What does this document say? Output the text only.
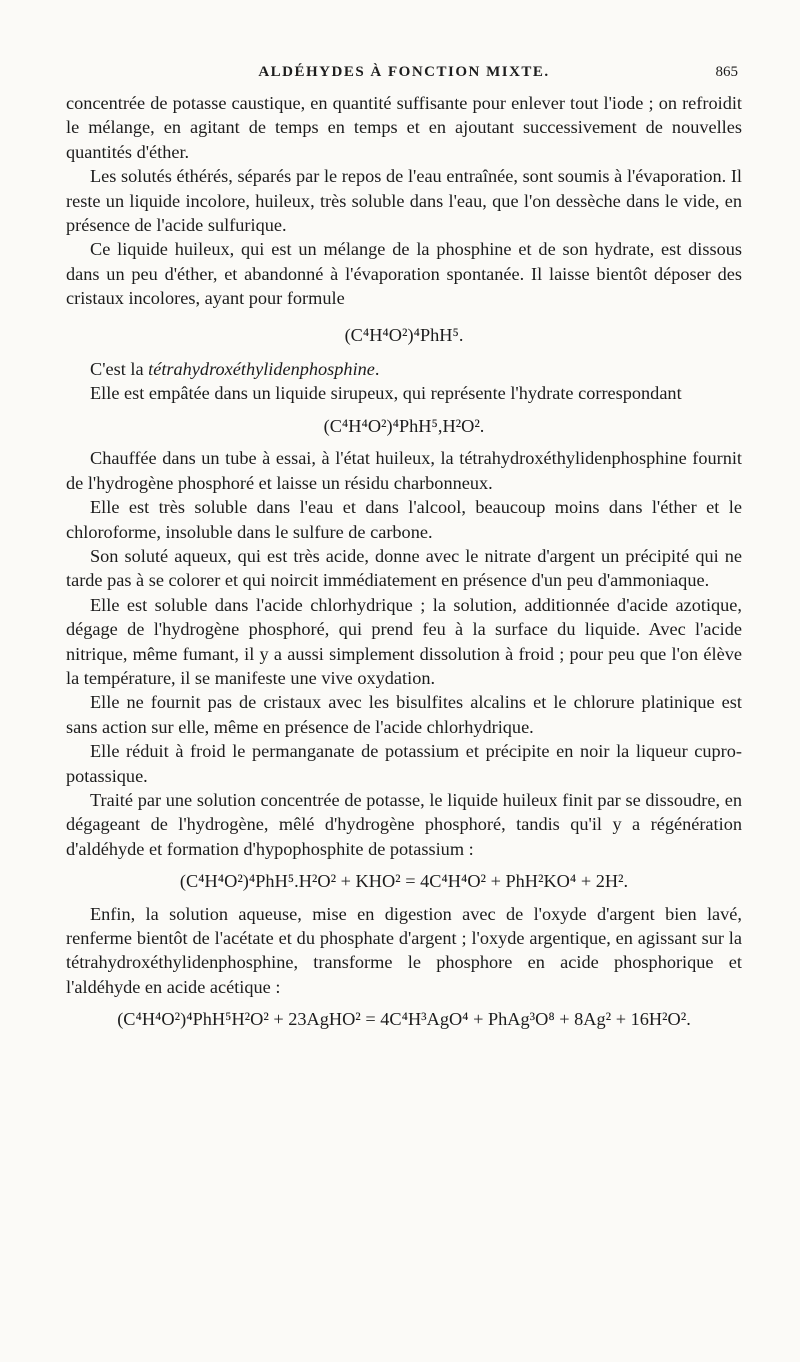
ALDÉHYDES À FONCTION MIXTE.	865

concentrée de potasse caustique, en quantité suffisante pour enlever tout l'iode ; on refroidit le mélange, en agitant de temps en temps et en ajoutant successivement de nouvelles quantités d'éther.

Les solutés éthérés, séparés par le repos de l'eau entraînée, sont soumis à l'évaporation. Il reste un liquide incolore, huileux, très soluble dans l'eau, que l'on dessèche dans le vide, en présence de l'acide sulfurique.

Ce liquide huileux, qui est un mélange de la phosphine et de son hydrate, est dissous dans un peu d'éther, et abandonné à l'évaporation spontanée. Il laisse bientôt déposer des cristaux incolores, ayant pour formule

(C⁴H⁴O²)⁴PhH⁵.

C'est la tétrahydroxéthylidenphosphine.

Elle est empâtée dans un liquide sirupeux, qui représente l'hydrate correspondant

(C⁴H⁴O²)⁴PhH⁵,H²O².

Chauffée dans un tube à essai, à l'état huileux, la tétrahydroxéthylidenphosphine fournit de l'hydrogène phosphoré et laisse un résidu charbonneux.

Elle est très soluble dans l'eau et dans l'alcool, beaucoup moins dans l'éther et le chloroforme, insoluble dans le sulfure de carbone.

Son soluté aqueux, qui est très acide, donne avec le nitrate d'argent un précipité qui ne tarde pas à se colorer et qui noircit immédiatement en présence d'un peu d'ammoniaque.

Elle est soluble dans l'acide chlorhydrique ; la solution, additionnée d'acide azotique, dégage de l'hydrogène phosphoré, qui prend feu à la surface du liquide. Avec l'acide nitrique, même fumant, il y a aussi simplement dissolution à froid ; pour peu que l'on élève la température, il se manifeste une vive oxydation.

Elle ne fournit pas de cristaux avec les bisulfites alcalins et le chlorure platinique est sans action sur elle, même en présence de l'acide chlorhydrique.

Elle réduit à froid le permanganate de potassium et précipite en noir la liqueur cupro-potassique.

Traité par une solution concentrée de potasse, le liquide huileux finit par se dissoudre, en dégageant de l'hydrogène, mêlé d'hydrogène phosphoré, tandis qu'il y a régénération d'aldéhyde et formation d'hypophosphite de potassium :

(C⁴H⁴O²)⁴PhH⁵.H²O² + KHO² = 4C⁴H⁴O² + PhH²KO⁴ + 2H².

Enfin, la solution aqueuse, mise en digestion avec de l'oxyde d'argent bien lavé, renferme bientôt de l'acétate et du phosphate d'argent ; l'oxyde argentique, en agissant sur la tétrahydroxéthylidenphosphine, transforme le phosphore en acide phosphorique et l'aldéhyde en acide acétique :

(C⁴H⁴O²)⁴PhH⁵H²O² + 23AgHO² = 4C⁴H³AgO⁴ + PhAg³O⁸ + 8Ag² + 16H²O².
